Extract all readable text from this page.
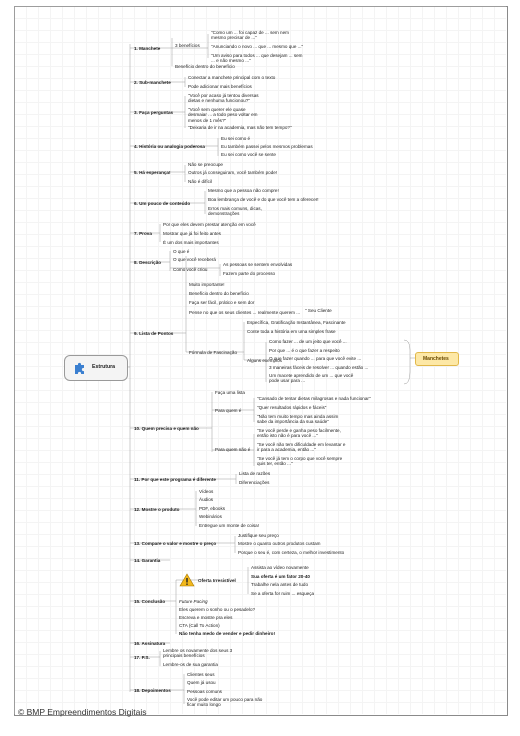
Estrutura
Manchetes
1. Manchete
3 benefícios
"Como um ... foi capaz de ... sem nem mesmo precisar de ..."
"Anunciando o novo ... que ... mesmo que ..."
"Um aviso para todos ... que desejam ... sem ... e não mesmo ..."
Benefício dentro do benefício
2. Sub-manchete
Conectar a manchete principal com o texto
Pode adicionar mais benefícios
3. Faça perguntas
"Você por acaso já tentou diversas dietas e nenhuma funcionou?"
"Você sem querer ele quase desmaiar ... a todo peso voltar em menos de 1 mês?"
"Deixaria de ir na academia, mas não tem tempo?"
4. História ou analogia poderosa
Eu sei como é
Eu também passei pelos mesmos problemas
Eu sei como você se sente
5. Há esperança!
Não se preocupe
Outros já conseguiram, você também pode!
Não é difícil
6. Um pouco de conteúdo
Mesmo que a pessoa não compre!
Boa lembrança de você e do que você tem a oferecer!
Erros mais comuns, dicas, demonstrações
7. Prova
Por que eles devem prestar atenção em você
Mostrar que já foi feito antes
É um dos mais importantes
8. Descrição
O que é
O que você receberá
Como você criou
As pessoas se sentem envolvidas
Fazem parte do processo
9. Lista de Pontos
Muito importante!
Benefício dentro do benefício
Faça ser fácil, prático e sem dor
Pense no que os seus clientes ... realmente querem ... " Seu Cliente
Fórmula de Fascinação
Específica, Gratificação Instantânea, Fascinante
Conte toda a história em uma simples frase
Alguns exemplos
Como fazer ... de um jeito que você ...
Por que ... é o que fazer a respeito
O que fazer quando ... para que você evite ...
3 maneiras fáceis de resolver ... quando estão ...
Um macete aprendido de um ... que você pode usar para ...
10. Quem precisa e quem não
Faça uma lista
Para quem é
Para quem não é
"Cansado de tentar dietas milagrosas e nada funcionar"
"Quer resultados rápidos e fáceis"
"Não tem muito tempo mas ainda assim sabe da importância da sua saúde"
"Se você perde e ganha peso facilmente, então isto não é para você ..."
"Se você não tem dificuldade em levantar e ir para a academia, então ..."
"Se você já tem o corpo que você sempre quis ter, então ..."
11. Por que este programa é diferente
Lista de razões
Diferenciações
12. Mostre o produto
Vídeos
Áudios
PDF, ebooks
Webinários
Entregue um monte de coisa!
13. Compare o valor e mostre o preço
Justifique seu preço
Mostre o quanto outros produtos custam
Porque o seu é, com certeza, o melhor investimento
14. Garantia
15. Conclusão
Oferta Irresistível
Assista ao vídeo novamente
Sua oferta é um fator 20-40
Trabalhe nela antes de tudo
Se a oferta for ruim ... esqueça
Future Pacing
Eles querem o sonho ou o pesadelo?
Escreva e mostre pra eles
CTA (Call To Action)
Não tenha medo de vender e pedir dinheiro!
16. Assinatura
17. P.S.
Lembre os novamente dos seus 3 principais benefícios
Lembre-os de sua garantia
18. Depoimentos
Clientes seus
Quem já usou
Pessoas comuns
Você pode editar um pouco para não ficar muito longo
© BMP Empreendimentos Digitais
